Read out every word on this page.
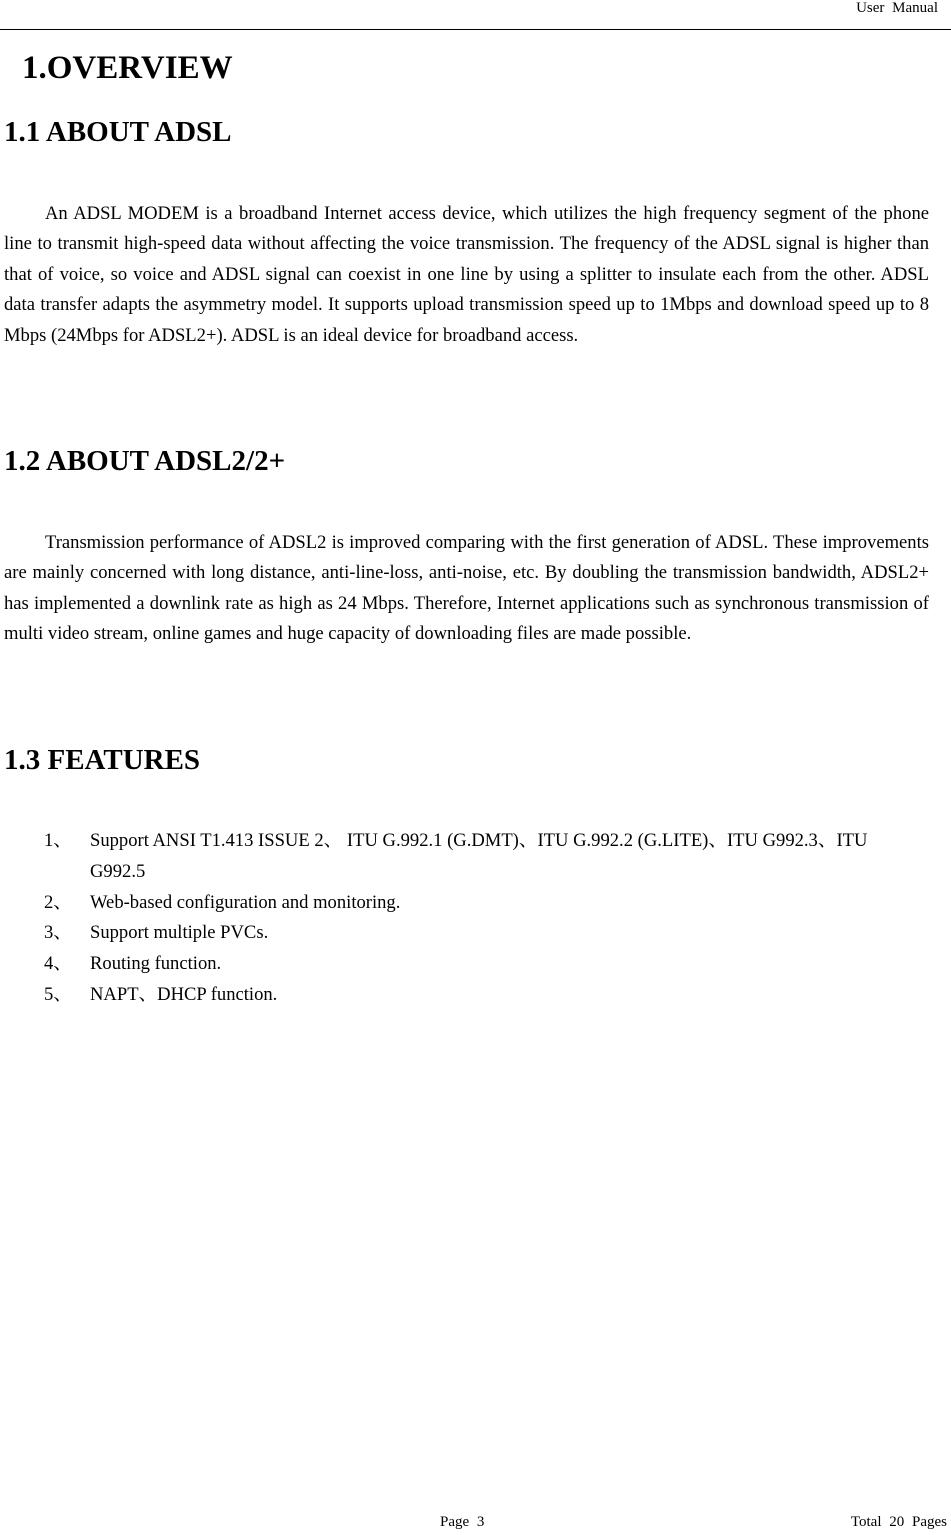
User Manual
1.OVERVIEW
1.1 ABOUT ADSL

An ADSL MODEM is a broadband Internet access device, which utilizes the high frequency segment of the phone line to transmit high-speed data without affecting the voice transmission. The frequency of the ADSL signal is higher than that of voice, so voice and ADSL signal can coexist in one line by using a splitter to insulate each from the other. ADSL data transfer adapts the asymmetry model. It supports upload transmission speed up to 1Mbps and download speed up to 8 Mbps (24Mbps for ADSL2+). ADSL is an ideal device for broadband access.

1.2 ABOUT ADSL2/2+

Transmission performance of ADSL2 is improved comparing with the first generation of ADSL. These improvements are mainly concerned with long distance, anti-line-loss, anti-noise, etc. By doubling the transmission bandwidth, ADSL2+ has implemented a downlink rate as high as 24 Mbps. Therefore, Internet applications such as synchronous transmission of multi video stream, online games and huge capacity of downloading files are made possible.

1.3 FEATURES
1、 Support ANSI T1.413 ISSUE 2、 ITU G.992.1 (G.DMT)、ITU G.992.2 (G.LITE)、ITU G992.3、ITU G992.5
2、 Web-based configuration and monitoring.
3、 Support multiple PVCs.
4、 Routing function.
5、 NAPT、DHCP function.
Page 3	Total 20 Pages
